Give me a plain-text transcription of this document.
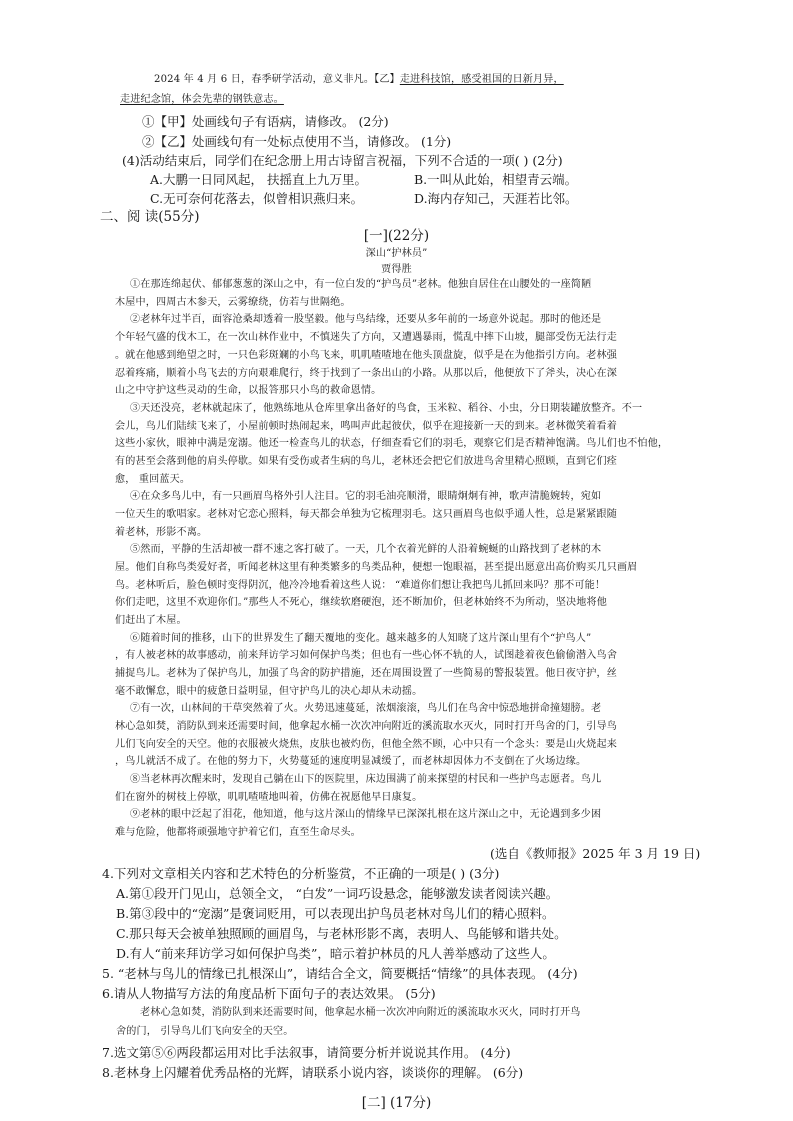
2024 年 4 月 6 日，春季研学活动，意义非凡。【乙】走进科技馆，感受祖国的日新月异，
走进纪念馆，体会先辈的钢铁意志。
①【甲】处画线句子有语病，请修改。 (2分)
②【乙】处画线句有一处标点使用不当，请修改。 (1分)
(4)活动结束后，同学们在纪念册上用古诗留言祝福，下列不合适的一项( ) (2分)
A.大鹏一日同风起， 扶摇直上九万里。	B.一叫从此始，相望青云端。
C.无可奈何花落去，似曾相识燕归来。	D.海内存知己，天涯若比邻。
二、阅 读(55分)
[一](22分)
深山“护林员”
贾得胜
①在那连绵起伏、郁郁葱葱的深山之中，有一位白发的“护鸟员”老林。他独自居住在山腰处的一座简陋
木屋中，四周古木参天，云雾缭绕，仿若与世隔绝。
②老林年过半百，面容沧桑却透着一股坚毅。他与鸟结缘，还要从多年前的一场意外说起。那时的他还是
个年轻气盛的伐木工，在一次山林作业中，不慎迷失了方向，又遭遇暴雨，慌乱中摔下山坡，腿部受伤无法行走
。就在他感到绝望之时，一只色彩斑斓的小鸟飞来，叽叽喳喳地在他头顶盘旋，似乎是在为他指引方向。老林强
忍着疼痛，顺着小鸟飞去的方向艰难爬行，终于找到了一条出山的小路。从那以后，他便放下了斧头，决心在深
山之中守护这些灵动的生命，以报答那只小鸟的救命恩情。
③天还没亮，老林就起床了，他熟练地从仓库里拿出备好的鸟食，玉米粒、稻谷、小虫，分日期装罐放整齐。不一
会儿，鸟儿们陆续飞来了，小屋前顿时热闹起来，鸣叫声此起彼伏，似乎在迎接新一天的到来。老林微笑着看着
这些小家伙，眼神中满是宠溺。他还一检查鸟儿的状态，仔细查看它们的羽毛，观察它们是否精神饱满。鸟儿们也不怕他，
有的甚至会落到他的肩头停歇。如果有受伤或者生病的鸟儿，老林还会把它们放进鸟舍里精心照顾，直到它们痊
愈， 重回蓝天。
④在众多鸟儿中，有一只画眉鸟格外引人注目。它的羽毛油亮顺滑，眼睛炯炯有神，歌声清脆婉转，宛如
一位天生的歌唱家。老林对它恋心照料，每天都会单独为它梳理羽毛。这只画眉鸟也似乎通人性，总是紧紧跟随
着老林，形影不离。
⑤然而，平静的生活却被一群不速之客打破了。一天，几个衣着光鲜的人沿着蜿蜒的山路找到了老林的木
屋。他们自称鸟类爱好者，听闻老林这里有种类繁多的鸟类品种，便想一饱眼福，甚至提出愿意出高价购买几只画眉
鸟。老林听后，脸色顿时变得阴沉，他冷冷地看着这些人说： “难道你们想让我把鸟儿抓回来吗？那不可能！
你们走吧，这里不欢迎你们。”那些人不死心，继续软磨硬泡，还不断加价，但老林始终不为所动，坚决地将他
们赶出了木屋。
⑥随着时间的推移，山下的世界发生了翻天覆地的变化。越来越多的人知晓了这片深山里有个“护鸟人”
，有人被老林的故事感动，前来拜访学习如何保护鸟类；但也有一些心怀不轨的人，试图趁着夜色偷偷潜入鸟舍
捕捉鸟儿。老林为了保护鸟儿，加强了鸟舍的防护措施，还在周围设置了一些简易的警报装置。他日夜守护，丝
毫不敢懈怠，眼中的疲惫日益明显，但守护鸟儿的决心却从未动摇。
⑦有一次，山林间的干草突然着了火。火势迅速蔓延，浓烟滚滚，鸟儿们在鸟舍中惊恐地拼命撞翅膀。老
林心急如焚，消防队到来还需要时间，他拿起水桶一次次冲向附近的溪流取水灭火，同时打开鸟舍的门，引导鸟
儿们飞向安全的天空。他的衣服被火烧焦，皮肤也被灼伤，但他全然不顾，心中只有一个念头：要是山火烧起来
，鸟儿就活不成了。在他的努力下，火势蔓延的速度明显减缓了，而老林却因体力不支倒在了火场边缘。
⑧当老林再次醒来时，发现自己躺在山下的医院里，床边围满了前来探望的村民和一些护鸟志愿者。鸟儿
们在窗外的树枝上停歇，叽叽喳喳地叫着，仿佛在祝愿他早日康复。
⑨老林的眼中泛起了泪花，他知道，他与这片深山的情缘早已深深扎根在这片深山之中，无论遇到多少困
难与危险，他都将顽强地守护着它们，直至生命尽头。
(选自《教师报》2025 年 3 月 19 日)
4.下列对文章相关内容和艺术特色的分析鉴赏，不正确的一项是( ) (3分)
A.第①段开门见山，总领全文， “白发”一词巧设悬念，能够激发读者阅读兴趣。
B.第③段中的“宠溺”是褒词贬用，可以表现出护鸟员老林对鸟儿们的精心照料。
C.那只每天会被单独照顾的画眉鸟，与老林形影不离，表明人、鸟能够和谐共处。
D.有人“前来拜访学习如何保护鸟类”，暗示着护林员的凡人善举感动了这些人。
5. “老林与鸟儿的情缘已扎根深山”，请结合全文，简要概括“情缘”的具体表现。 (4分)
6.请从人物描写方法的角度品析下面句子的表达效果。 (5分)
老林心急如焚，消防队到来还需要时间，他拿起水桶一次次冲向附近的溪流取水灭火，同时打开鸟
舍的门， 引导鸟儿们飞向安全的天空。
7.选文第⑤⑥两段都运用对比手法叙事，请简要分析并说说其作用。 (4分)
8.老林身上闪耀着优秀品格的光辉，请联系小说内容，谈谈你的理解。 (6分)
[二] (17分)
